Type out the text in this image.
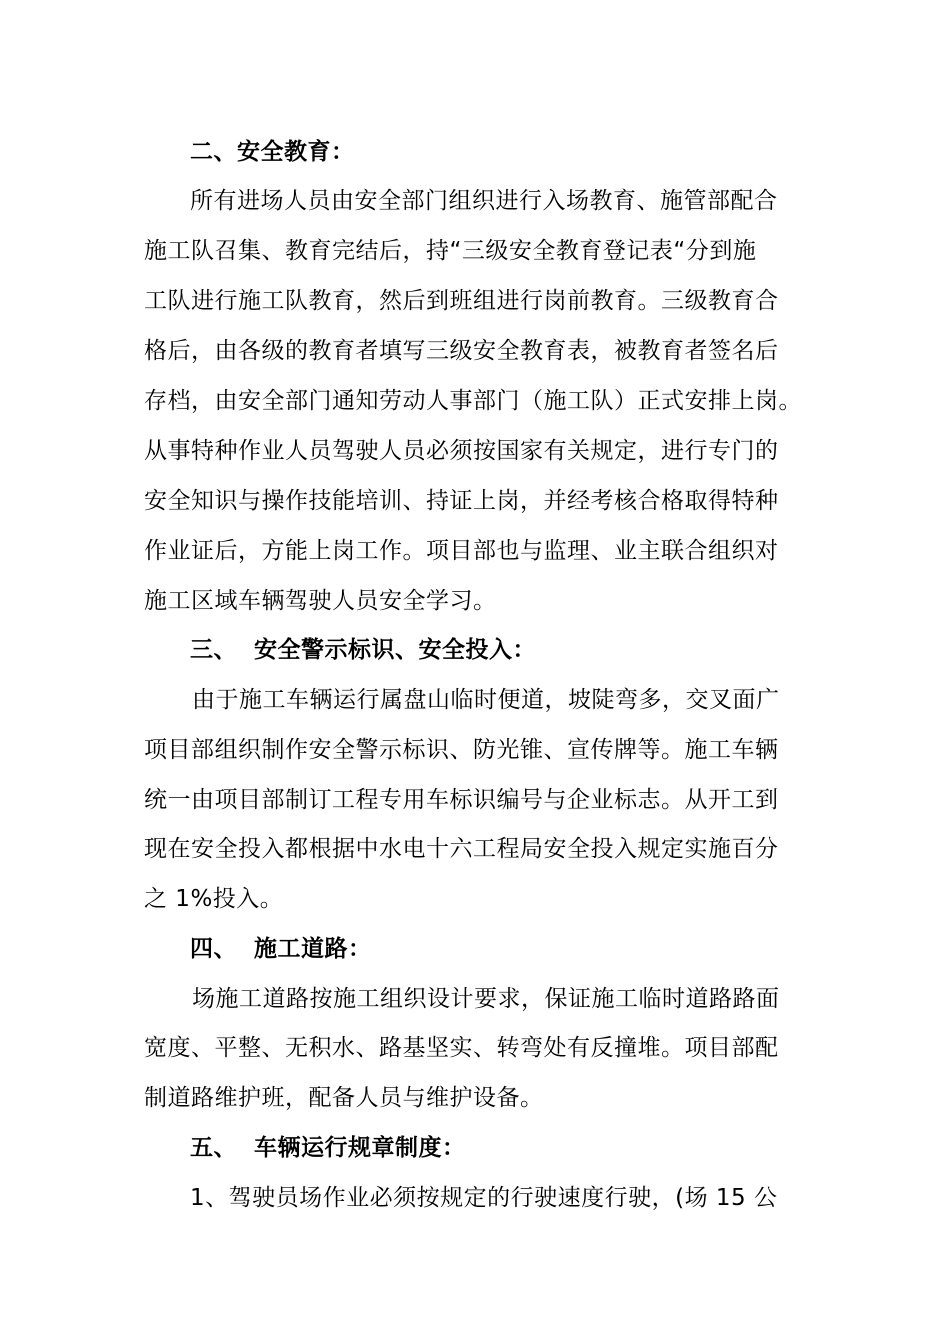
二、安全教育：
所有进场人员由安全部门组织进行入场教育、施管部配合
施工队召集、教育完结后，持“三级安全教育登记表“分到施
工队进行施工队教育，然后到班组进行岗前教育。三级教育合
格后，由各级的教育者填写三级安全教育表，被教育者签名后
存档，由安全部门通知劳动人事部门（施工队）正式安排上岗。
从事特种作业人员驾驶人员必须按国家有关规定，进行专门的
安全知识与操作技能培训、持证上岗，并经考核合格取得特种
作业证后，方能上岗工作。项目部也与监理、业主联合组织对
施工区域车辆驾驶人员安全学习。
三、  安全警示标识、安全投入：
由于施工车辆运行属盘山临时便道，坡陡弯多，交叉面广
项目部组织制作安全警示标识、防光锥、宣传牌等。施工车辆
统一由项目部制订工程专用车标识编号与企业标志。从开工到
现在安全投入都根据中水电十六工程局安全投入规定实施百分
之 1%投入。
四、  施工道路：
场施工道路按施工组织设计要求，保证施工临时道路路面
宽度、平整、无积水、路基坚实、转弯处有反撞堆。项目部配
制道路维护班，配备人员与维护设备。
五、  车辆运行规章制度：
1、驾驶员场作业必须按规定的行驶速度行驶，(场 15 公
